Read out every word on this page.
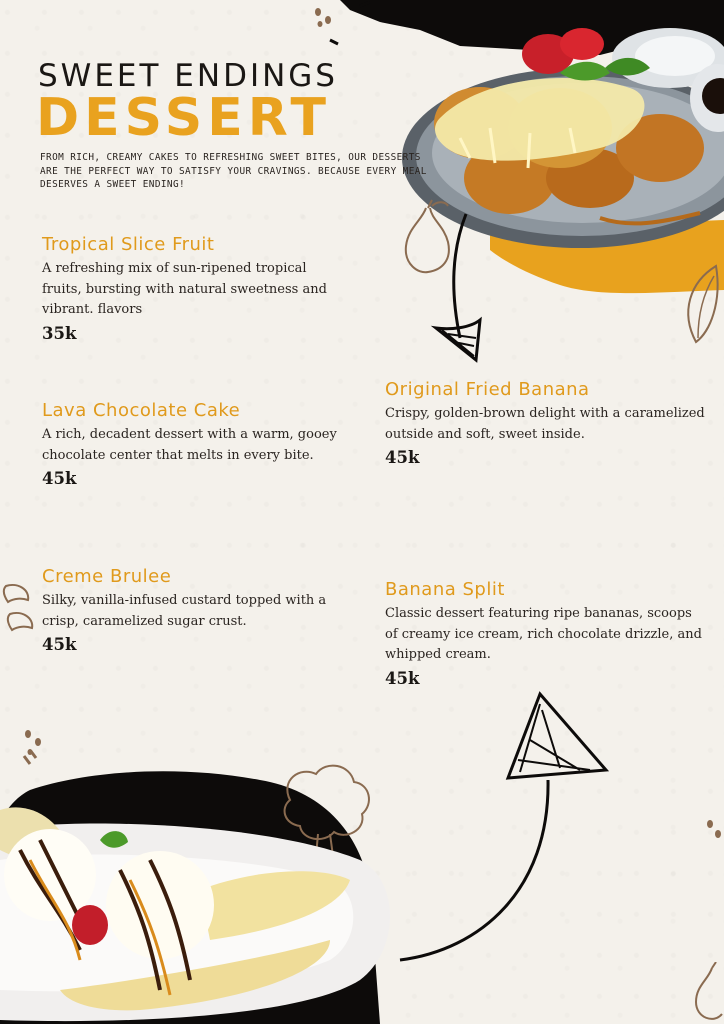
SWEET ENDINGS
DESSERT
FROM RICH, CREAMY CAKES TO REFRESHING SWEET BITES, OUR DESSERTS ARE THE PERFECT WAY TO SATISFY YOUR CRAVINGS. BECAUSE EVERY MEAL DESERVES A SWEET ENDING!
Tropical Slice Fruit

A refreshing mix of sun-ripened tropical fruits, bursting with natural sweetness and vibrant. flavors

35k
Lava Chocolate Cake

A rich, decadent dessert with a warm, gooey chocolate center that melts in every bite.

45k
Creme Brulee

Silky, vanilla-infused custard topped with a crisp, caramelized sugar crust.

45k
Original Fried Banana

Crispy, golden-brown delight with a caramelized outside and soft, sweet inside.

45k
Banana Split

Classic dessert featuring ripe bananas, scoops of creamy ice cream, rich chocolate drizzle, and whipped cream.

45k
